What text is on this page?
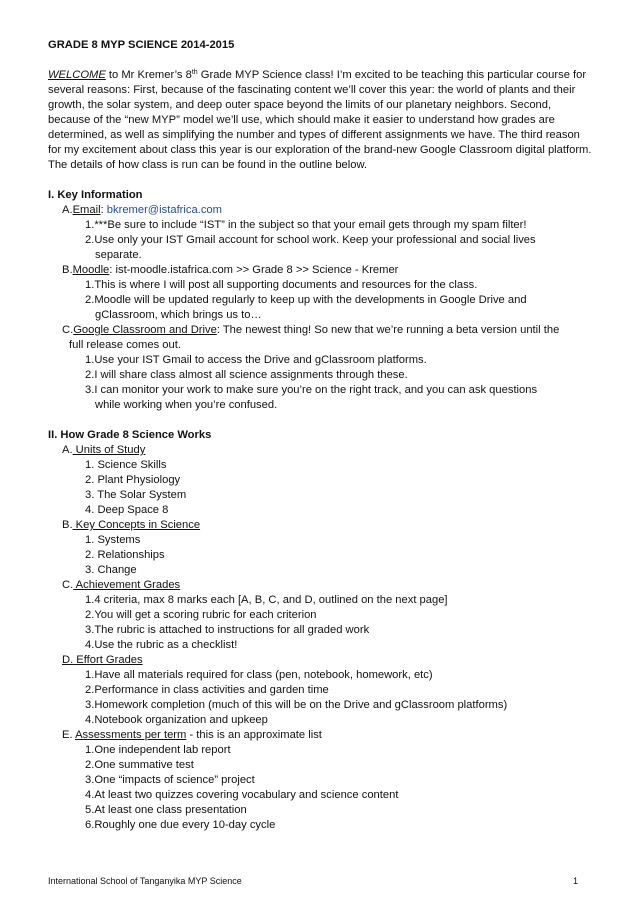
GRADE 8 MYP SCIENCE 2014-2015

WELCOME to Mr Kremer’s 8th Grade MYP Science class! I’m excited to be teaching this particular course for several reasons: First, because of the fascinating content we’ll cover this year: the world of plants and their growth, the solar system, and deep outer space beyond the limits of our planetary neighbors. Second, because of the “new MYP” model we’ll use, which should make it easier to understand how grades are determined, as well as simplifying the number and types of different assignments we have. The third reason for my excitement about class this year is our exploration of the brand-new Google Classroom digital platform. The details of how class is run can be found in the outline below.

I. Key Information

A.Email: bkremer@istafrica.com

1.***Be sure to include “IST” in the subject so that your email gets through my spam filter!

2.Use only your IST Gmail account for school work. Keep your professional and social lives

separate.

B.Moodle: ist-moodle.istafrica.com >> Grade 8 >> Science - Kremer

1.This is where I will post all supporting documents and resources for the class.

2.Moodle will be updated regularly to keep up with the developments in Google Drive and

gClassroom, which brings us to…

C.Google Classroom and Drive: The newest thing! So new that we’re running a beta version until the

full release comes out.

1.Use your IST Gmail to access the Drive and gClassroom platforms.

2.I will share class almost all science assignments through these.

3.I can monitor your work to make sure you’re on the right track, and you can ask questions

while working when you’re confused.

II. How Grade 8 Science Works

A. Units of Study

1. Science Skills

2. Plant Physiology

3. The Solar System

4. Deep Space 8

B. Key Concepts in Science

1. Systems

2. Relationships

3. Change

C. Achievement Grades

1.4 criteria, max 8 marks each [A, B, C, and D, outlined on the next page]

2.You will get a scoring rubric for each criterion

3.The rubric is attached to instructions for all graded work

4.Use the rubric as a checklist!

D. Effort Grades

1.Have all materials required for class (pen, notebook, homework, etc)

2.Performance in class activities and garden time

3.Homework completion (much of this will be on the Drive and gClassroom platforms)

4.Notebook organization and upkeep

E. Assessments per term - this is an approximate list

1.One independent lab report

2.One summative test

3.One “impacts of science” project

4.At least two quizzes covering vocabulary and science content

5.At least one class presentation

6.Roughly one due every 10-day cycle

International School of Tanganyika MYP Science	1
